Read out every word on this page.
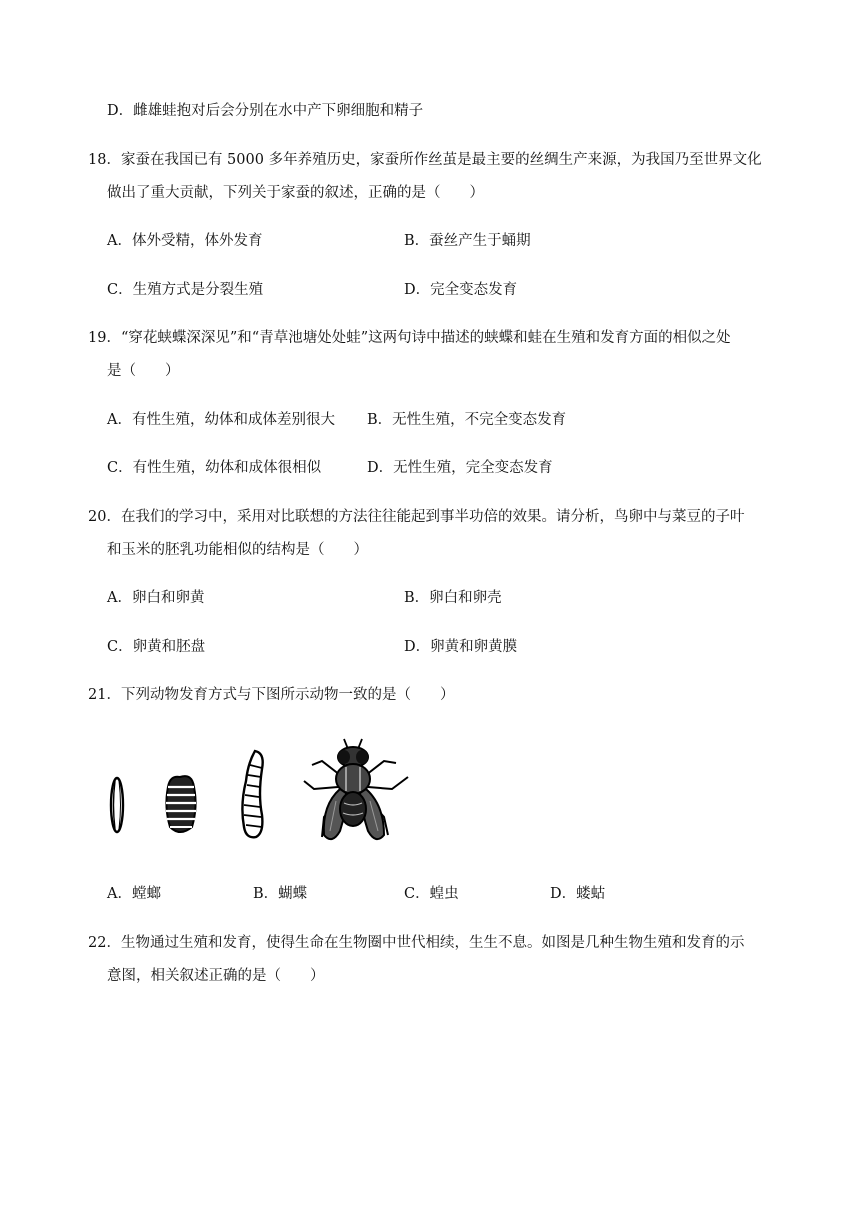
D．雌雄蛙抱对后会分别在水中产下卵细胞和精子
18．家蚕在我国已有 5000 多年养殖历史，家蚕所作丝茧是最主要的丝绸生产来源，为我国乃至世界文化
做出了重大贡献，下列关于家蚕的叙述，正确的是（　　）
A．体外受精，体外发育	B．蚕丝产生于蛹期
C．生殖方式是分裂生殖	D．完全变态发育
19．“穿花蛱蝶深深见”和“青草池塘处处蛙”这两句诗中描述的蛱蝶和蛙在生殖和发育方面的相似之处
是（　　）
A．有性生殖，幼体和成体差别很大 B．无性生殖，不完全变态发育
C．有性生殖，幼体和成体很相似	D．无性生殖，完全变态发育
20．在我们的学习中，采用对比联想的方法往往能起到事半功倍的效果。请分析，鸟卵中与菜豆的子叶
和玉米的胚乳功能相似的结构是（　　）
A．卵白和卵黄	B．卵白和卵壳
C．卵黄和胚盘	D．卵黄和卵黄膜
21．下列动物发育方式与下图所示动物一致的是（　　）
A．螳螂	B．蝴蝶	C．蝗虫	D．蝼蛄
22．生物通过生殖和发育，使得生命在生物圈中世代相续，生生不息。如图是几种生物生殖和发育的示
意图，相关叙述正确的是（　　）
